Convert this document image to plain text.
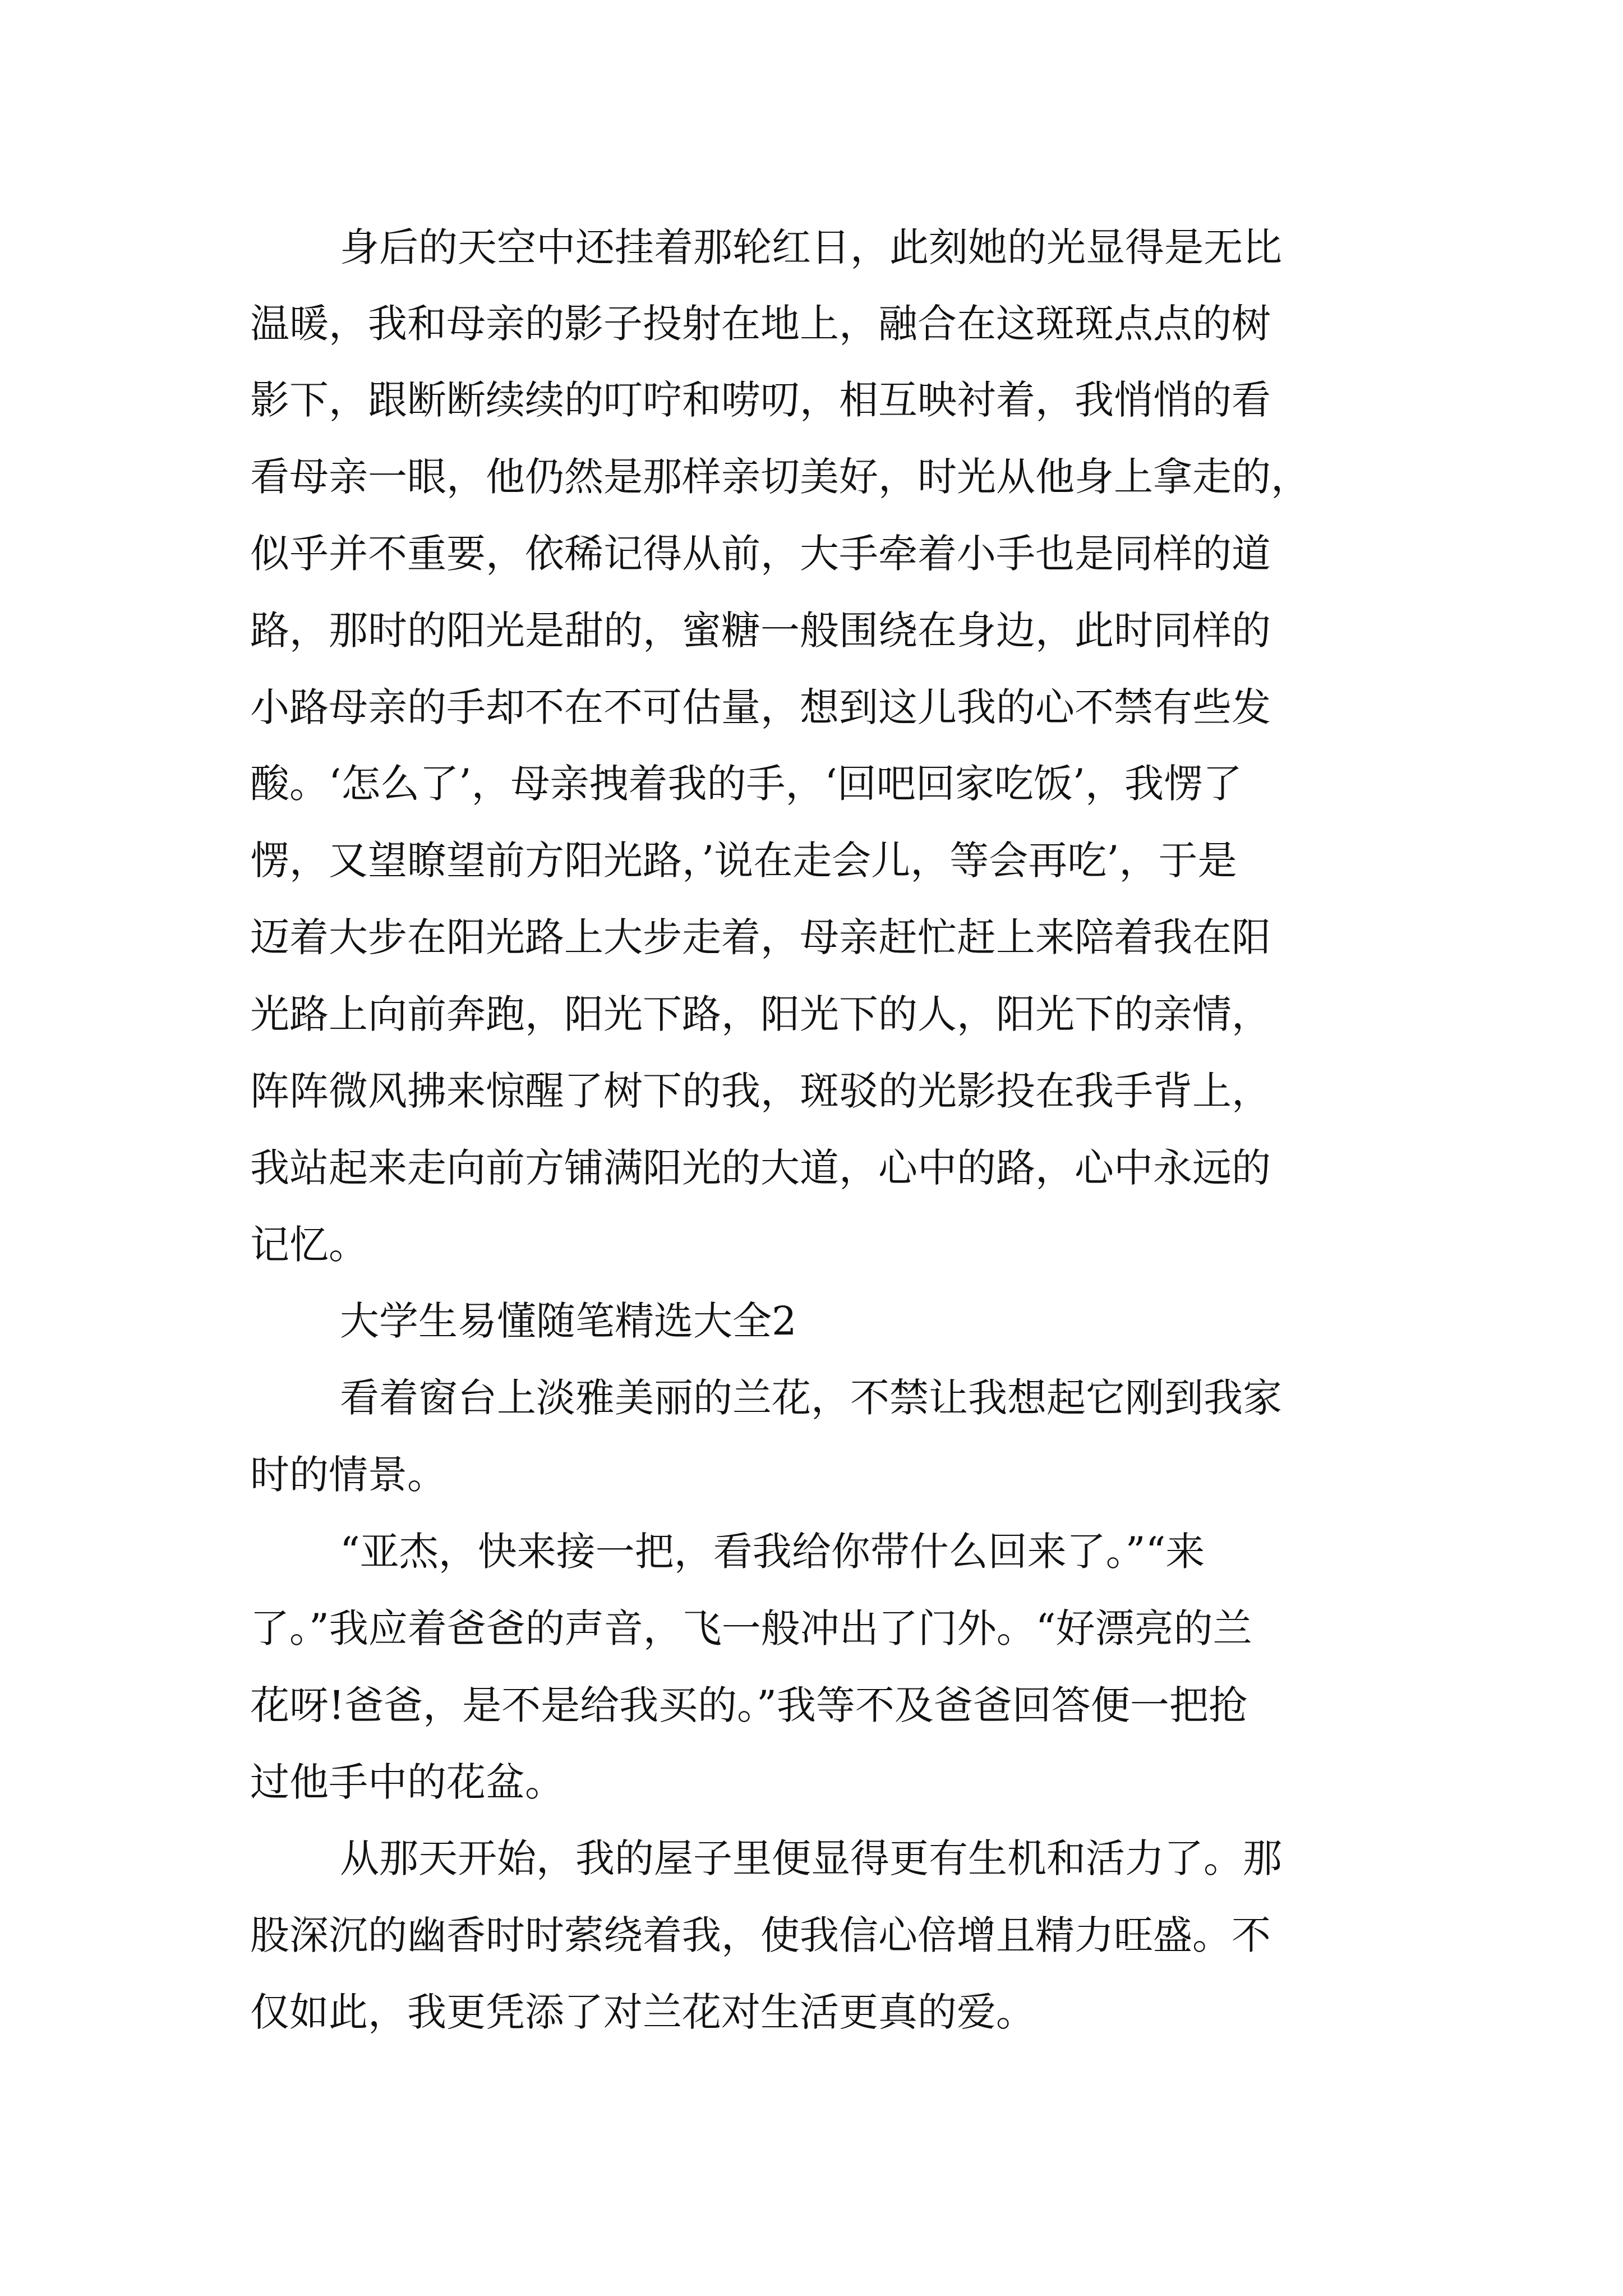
身后的天空中还挂着那轮红日，此刻她的光显得是无比
温暖，我和母亲的影子投射在地上，融合在这斑斑点点的树
影下，跟断断续续的叮咛和唠叨，相互映衬着，我悄悄的看
看母亲一眼，他仍然是那样亲切美好，时光从他身上拿走的，
似乎并不重要，依稀记得从前，大手牵着小手也是同样的道
路，那时的阳光是甜的，蜜糖一般围绕在身边，此时同样的
小路母亲的手却不在不可估量，想到这儿我的心不禁有些发
酸。‘怎么了’，母亲拽着我的手，‘回吧回家吃饭’，我愣了
愣，又望瞭望前方阳光路，’说在走会儿，等会再吃’，于是
迈着大步在阳光路上大步走着，母亲赶忙赶上来陪着我在阳
光路上向前奔跑，阳光下路，阳光下的人，阳光下的亲情，
阵阵微风拂来惊醒了树下的我，斑驳的光影投在我手背上，
我站起来走向前方铺满阳光的大道，心中的路，心中永远的
记忆。
大学生易懂随笔精选大全2
看着窗台上淡雅美丽的兰花，不禁让我想起它刚到我家
时的情景。
“亚杰，快来接一把，看我给你带什么回来了。”“来
了。”我应着爸爸的声音，飞一般冲出了门外。“好漂亮的兰
花呀!爸爸，是不是给我买的。”我等不及爸爸回答便一把抢
过他手中的花盆。
从那天开始，我的屋子里便显得更有生机和活力了。那
股深沉的幽香时时萦绕着我，使我信心倍增且精力旺盛。不
仅如此，我更凭添了对兰花对生活更真的爱。
